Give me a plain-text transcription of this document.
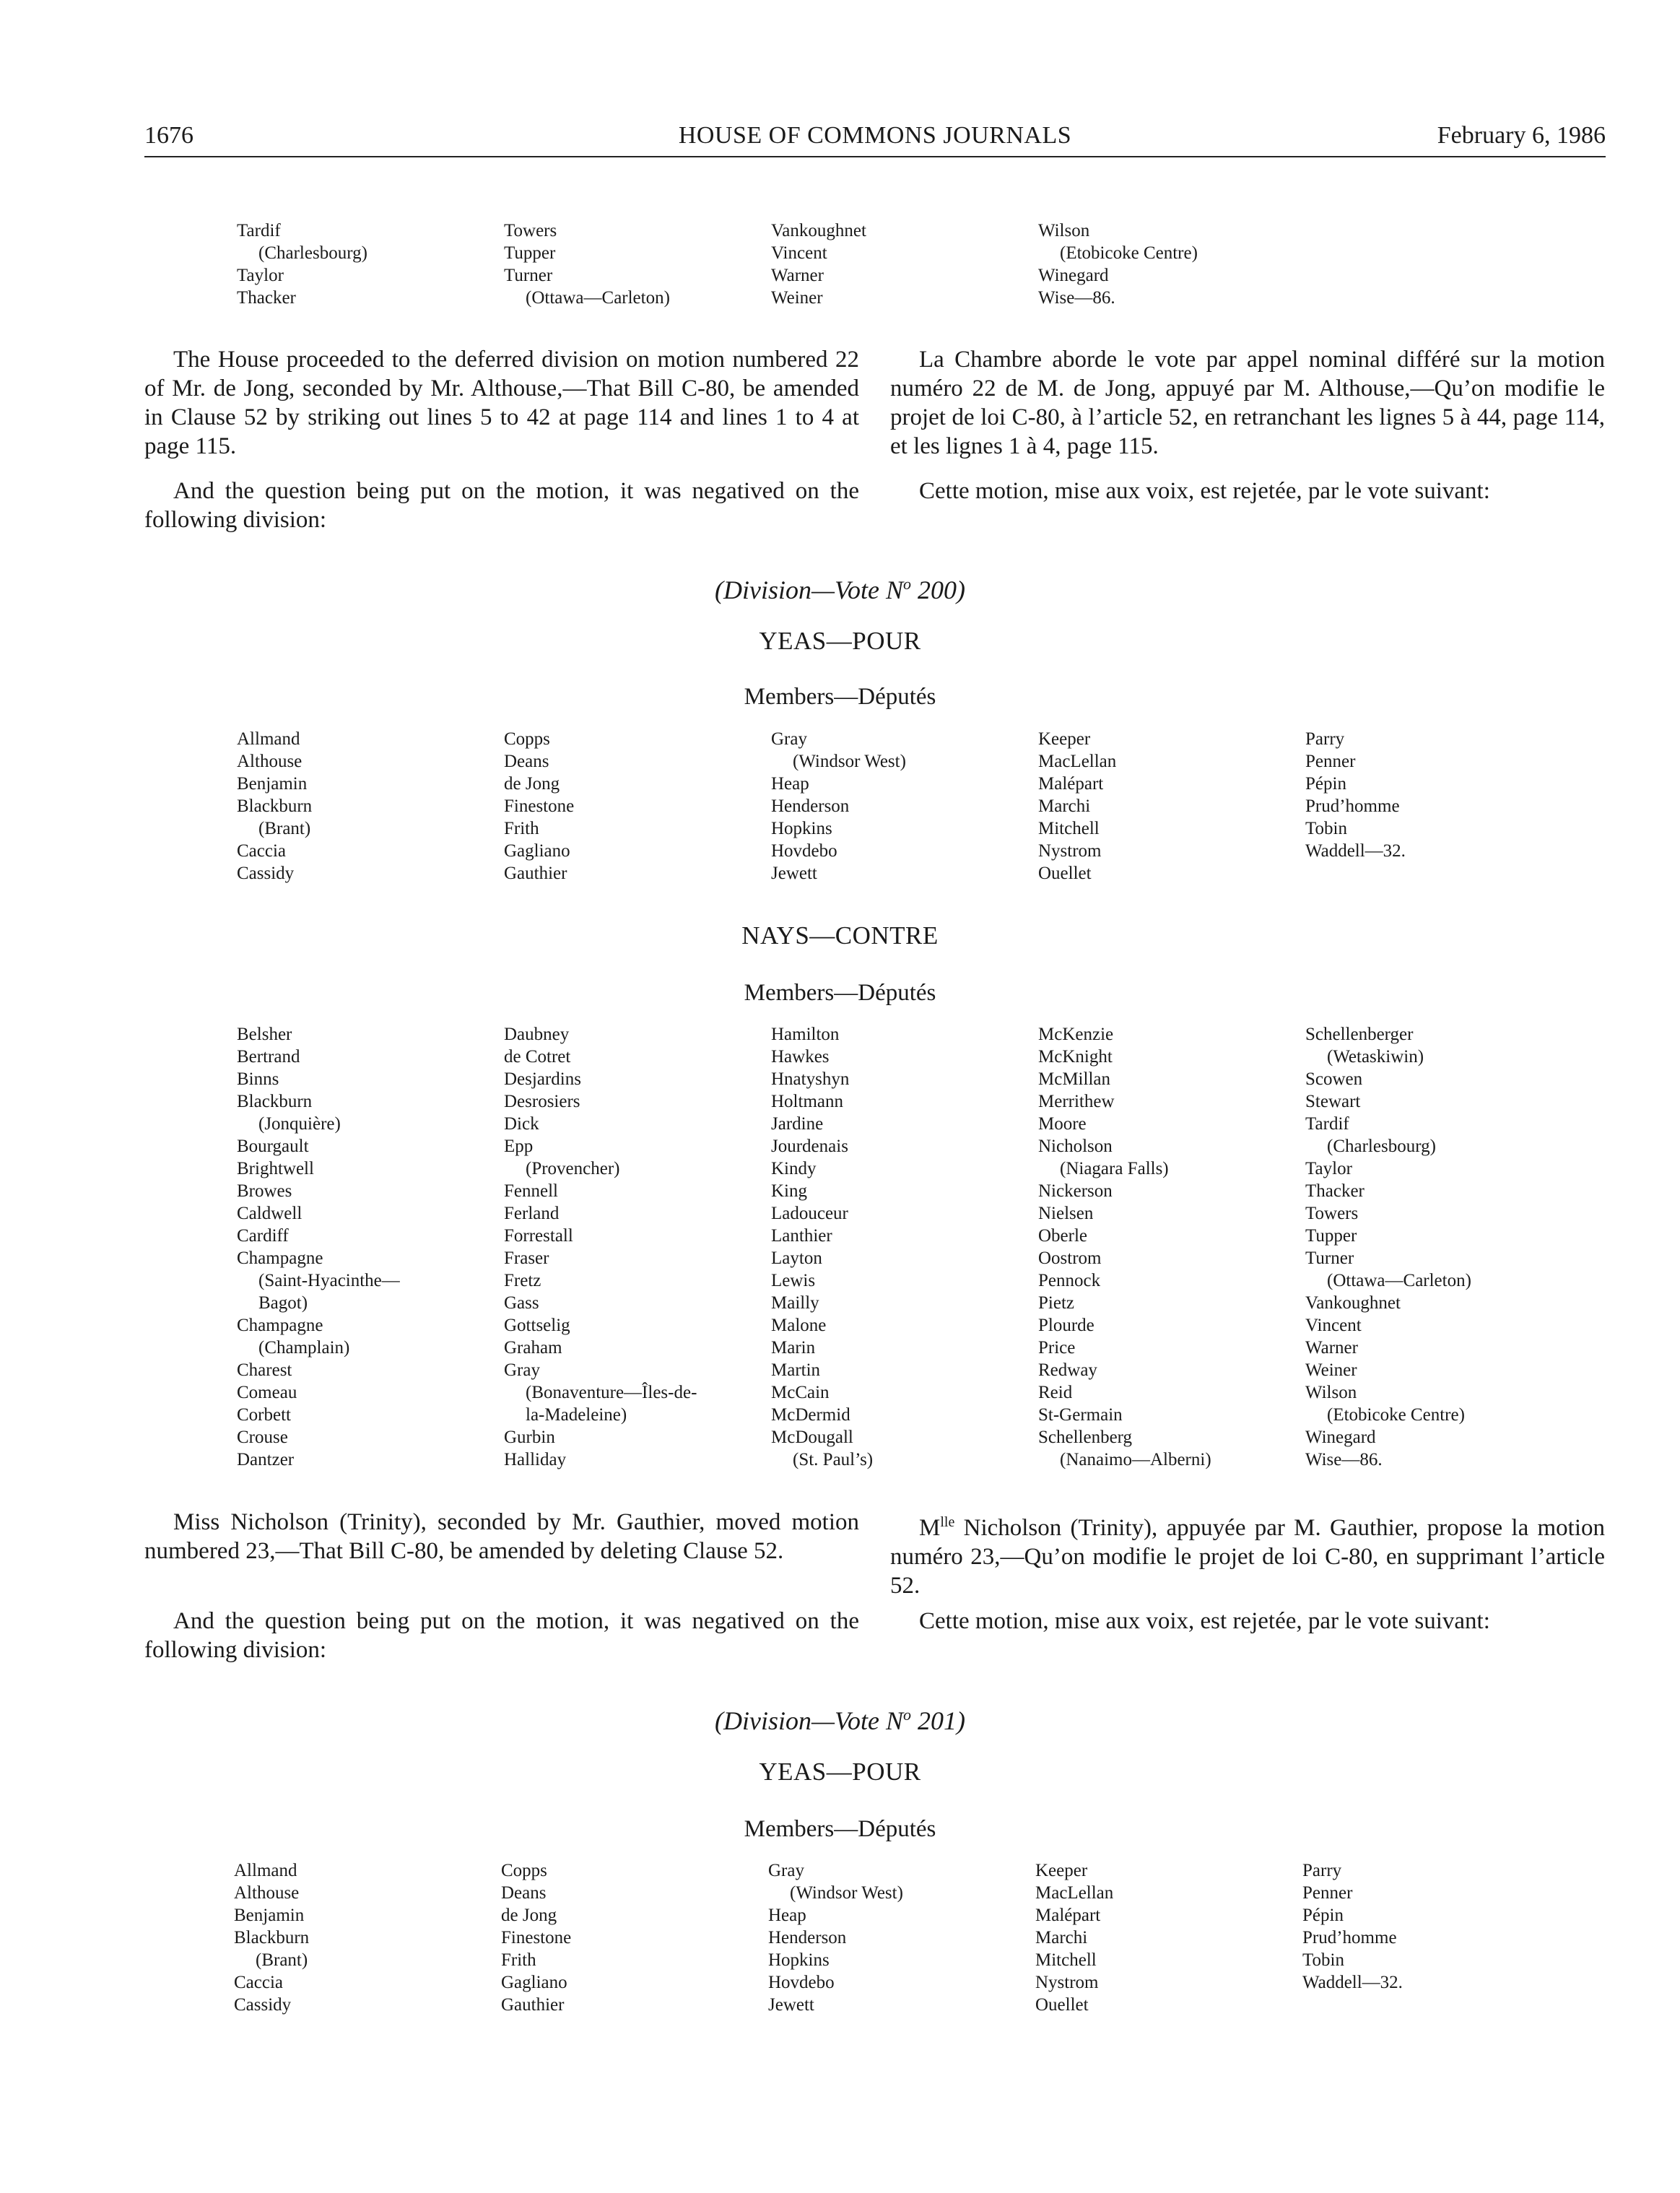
1676	HOUSE OF COMMONS JOURNALS	February 6, 1986
Tardif
(Charlesbourg)
Taylor
Thacker
Towers
Tupper
Turner
(Ottawa—Carleton)
Vankoughnet
Vincent
Warner
Weiner
Wilson
(Etobicoke Centre)
Winegard
Wise—86.

The House proceeded to the deferred division on motion numbered 22 of Mr. de Jong, seconded by Mr. Althouse,—That Bill C-80, be amended in Clause 52 by striking out lines 5 to 42 at page 114 and lines 1 to 4 at page 115.

And the question being put on the motion, it was negatived on the following division:

La Chambre aborde le vote par appel nominal différé sur la motion numéro 22 de M. de Jong, appuyé par M. Althouse,—Qu’on modifie le projet de loi C-80, à l’article 52, en retranchant les lignes 5 à 44, page 114, et les lignes 1 à 4, page 115.

Cette motion, mise aux voix, est rejetée, par le vote suivant:

(Division—Vote $N^o$ 200)
YEAS—POUR
Members—Députés
Allmand
Althouse
Benjamin
Blackburn
(Brant)
Caccia
Cassidy
Copps
Deans
de Jong
Finestone
Frith
Gagliano
Gauthier
Gray
(Windsor West)
Heap
Henderson
Hopkins
Hovdebo
Jewett
Keeper
MacLellan
Malépart
Marchi
Mitchell
Nystrom
Ouellet
Parry
Penner
Pépin
Prud’homme
Tobin
Waddell—32.
NAYS—CONTRE
Members—Députés
Belsher
Bertrand
Binns
Blackburn
(Jonquière)
Bourgault
Brightwell
Browes
Caldwell
Cardiff
Champagne
(Saint-Hyacinthe—
Bagot)
Champagne
(Champlain)
Charest
Comeau
Corbett
Crouse
Dantzer
Daubney
de Cotret
Desjardins
Desrosiers
Dick
Epp
(Provencher)
Fennell
Ferland
Forrestall
Fraser
Fretz
Gass
Gottselig
Graham
Gray
(Bonaventure—Îles-de-
la-Madeleine)
Gurbin
Halliday
Hamilton
Hawkes
Hnatyshyn
Holtmann
Jardine
Jourdenais
Kindy
King
Ladouceur
Lanthier
Layton
Lewis
Mailly
Malone
Marin
Martin
McCain
McDermid
McDougall
(St. Paul’s)
McKenzie
McKnight
McMillan
Merrithew
Moore
Nicholson
(Niagara Falls)
Nickerson
Nielsen
Oberle
Oostrom
Pennock
Pietz
Plourde
Price
Redway
Reid
St-Germain
Schellenberg
(Nanaimo—Alberni)
Schellenberger
(Wetaskiwin)
Scowen
Stewart
Tardif
(Charlesbourg)
Taylor
Thacker
Towers
Tupper
Turner
(Ottawa—Carleton)
Vankoughnet
Vincent
Warner
Weiner
Wilson
(Etobicoke Centre)
Winegard
Wise—86.

Miss Nicholson (Trinity), seconded by Mr. Gauthier, moved motion numbered 23,—That Bill C-80, be amended by deleting Clause 52.

And the question being put on the motion, it was negatived on the following division:

$M^{lle}$ Nicholson (Trinity), appuyée par M. Gauthier, propose la motion numéro 23,—Qu’on modifie le projet de loi C-80, en supprimant l’article 52.

Cette motion, mise aux voix, est rejetée, par le vote suivant:

(Division—Vote $N^o$ 201)
YEAS—POUR
Members—Députés
Allmand
Althouse
Benjamin
Blackburn
(Brant)
Caccia
Cassidy
Copps
Deans
de Jong
Finestone
Frith
Gagliano
Gauthier
Gray
(Windsor West)
Heap
Henderson
Hopkins
Hovdebo
Jewett
Keeper
MacLellan
Malépart
Marchi
Mitchell
Nystrom
Ouellet
Parry
Penner
Pépin
Prud’homme
Tobin
Waddell—32.
